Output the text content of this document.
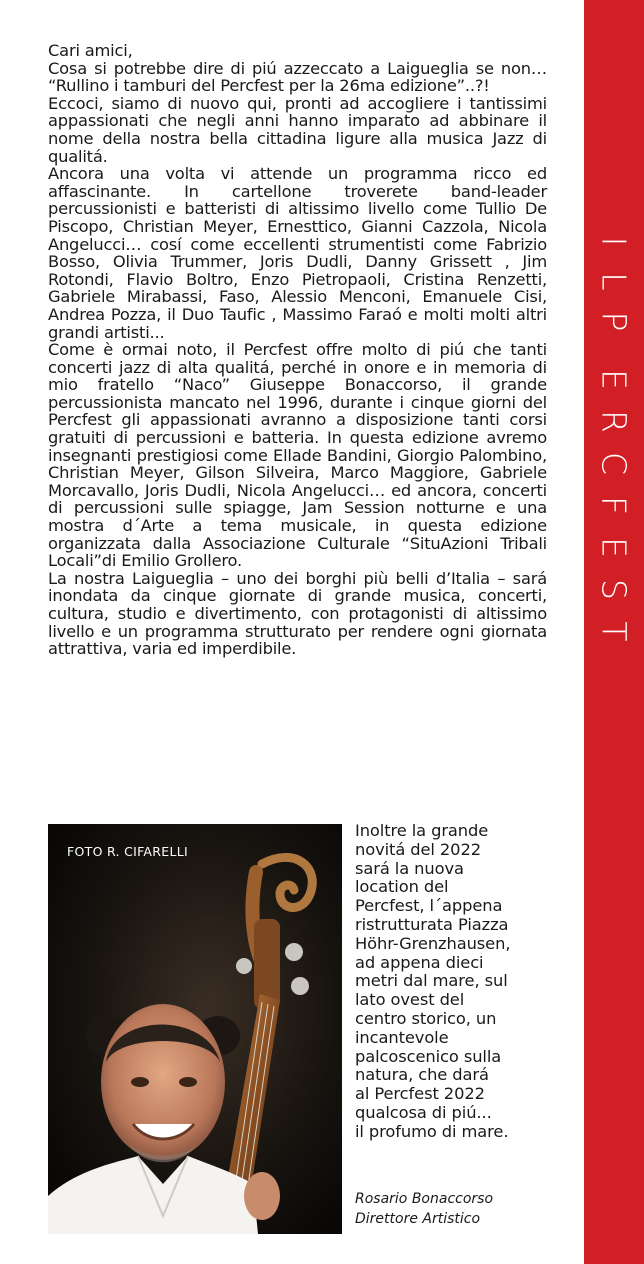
Cari amici,

Cosa si potrebbe dire di piú azzeccato a Laigueglia se non… “Rullino i tamburi del Percfest per la 26ma edizione”..?!

Eccoci, siamo di nuovo qui, pronti ad accogliere i tantissimi appassionati che negli anni hanno imparato ad abbinare il nome della nostra bella cittadina ligure alla musica Jazz di qualitá.

Ancora una volta vi attende un programma ricco ed affascinante. In cartellone troverete band-leader percussionisti e batteristi di altissimo livello come Tullio De Piscopo, Christian Meyer, Ernesttico, Gianni Cazzola, Nicola Angelucci… cosí come eccellenti strumentisti come Fabrizio Bosso, Olivia Trummer, Joris Dudli, Danny Grissett , Jim Rotondi, Flavio Boltro, Enzo Pietropaoli, Cristina Renzetti, Gabriele Mirabassi, Faso, Alessio Menconi, Emanuele Cisi, Andrea Pozza, il Duo Taufic , Massimo Faraó e molti molti altri grandi artisti...

Come è ormai noto, il Percfest offre molto di piú che tanti concerti jazz di alta qualitá, perché in onore e in memoria di mio fratello “Naco” Giuseppe Bonaccorso, il grande percussionista mancato nel 1996, durante i cinque giorni del Percfest gli appassionati avranno a disposizione tanti corsi gratuiti di percussioni e batteria. In questa edizione avremo insegnanti prestigiosi come Ellade Bandini, Giorgio Palombino, Christian Meyer, Gilson Silveira, Marco Maggiore, Gabriele Morcavallo, Joris Dudli, Nicola Angelucci… ed ancora, concerti di percussioni sulle spiagge, Jam Session notturne e una mostra d´Arte a tema musicale, in questa edizione organizzata dalla Associazione Culturale “SituAzioni Tribali Locali”di Emilio Grollero.

La nostra Laigueglia – uno dei borghi più belli d’Italia – sará inondata da cinque giornate di grande musica, concerti, cultura, studio e divertimento, con protagonisti di altissimo livello e un programma strutturato per rendere ogni giornata attrattiva, varia ed imperdibile.

FOTO R. CIFARELLI

Inoltre la grande

novitá del 2022

sará la nuova

location del

Percfest, l´appena

ristrutturata Piazza

Höhr-Grenzhausen,

ad appena dieci

metri dal mare, sul

lato ovest del

centro storico, un

incantevole

palcoscenico sulla

natura, che dará

al Percfest 2022

qualcosa di piú...

il profumo di mare.

Rosario Bonaccorso
Direttore Artistico
I
L
P
E
R
C
F
E
S
T
